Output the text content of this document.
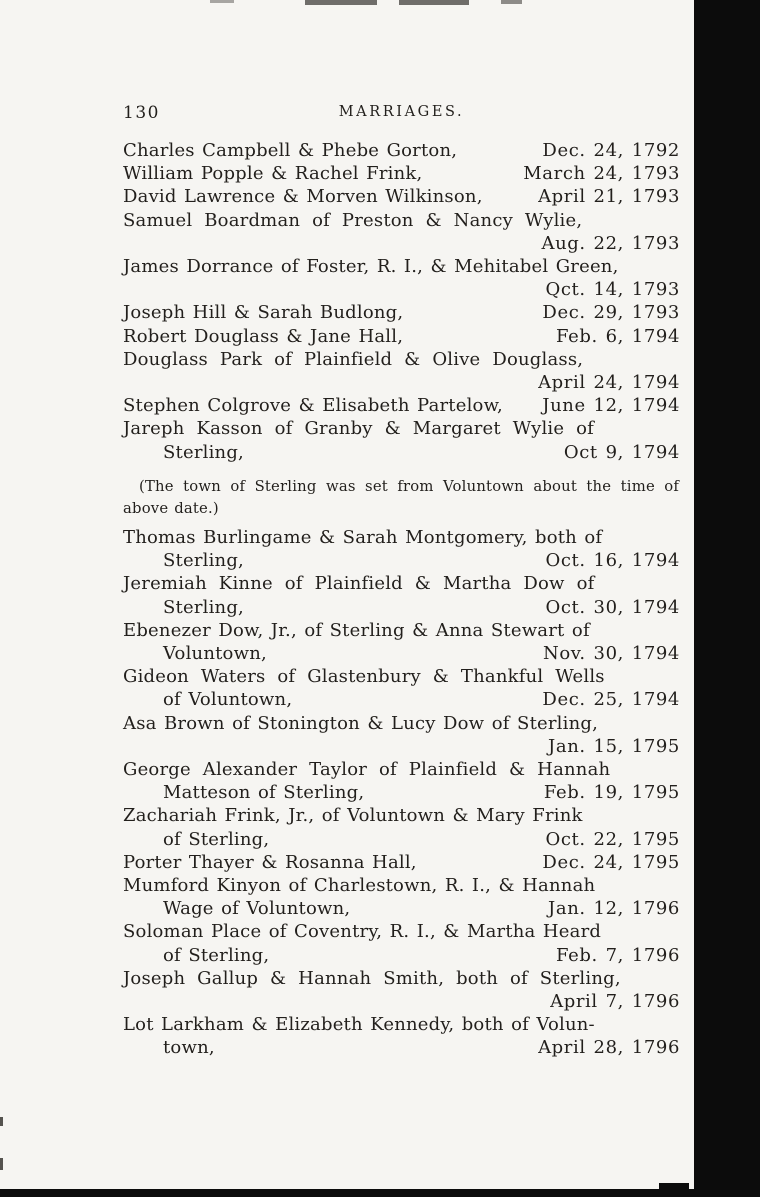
130	MARRIAGES.
Charles Campbell & Phebe Gorton,	Dec. 24, 1792
William Popple & Rachel Frink,	March 24, 1793
David Lawrence & Morven Wilkinson,	April 21, 1793
Samuel Boardman of Preston & Nancy Wylie,
Aug. 22, 1793
James Dorrance of Foster, R. I., & Mehitabel Green,
Qct. 14, 1793
Joseph Hill & Sarah Budlong,	Dec. 29, 1793
Robert Douglass & Jane Hall,	Feb. 6, 1794
Douglass Park of Plainfield & Olive Douglass,
April 24, 1794
Stephen Colgrove & Elisabeth Partelow, June 12, 1794
Jareph Kasson of Granby & Margaret Wylie of
Sterling,	Oct 9, 1794
(The town of Sterling was set from Voluntown about the time of
above date.)
Thomas Burlingame & Sarah Montgomery, both of
Sterling,	Oct. 16, 1794
Jeremiah Kinne of Plainfield & Martha Dow of
Sterling,	Oct. 30, 1794
Ebenezer Dow, Jr., of Sterling & Anna Stewart of
Voluntown,	Nov. 30, 1794
Gideon Waters of Glastenbury & Thankful Wells
of Voluntown,	Dec. 25, 1794
Asa Brown of Stonington & Lucy Dow of Sterling,
Jan. 15, 1795
George Alexander Taylor of Plainfield & Hannah
Matteson of Sterling,	Feb. 19, 1795
Zachariah Frink, Jr., of Voluntown & Mary Frink
of Sterling,	Oct. 22, 1795
Porter Thayer & Rosanna Hall,	Dec. 24, 1795
Mumford Kinyon of Charlestown, R. I., & Hannah
Wage of Voluntown,	Jan. 12, 1796
Soloman Place of Coventry, R. I., & Martha Heard
of Sterling,	Feb. 7, 1796
Joseph Gallup & Hannah Smith, both of Sterling,
April 7, 1796
Lot Larkham & Elizabeth Kennedy, both of Volun-
town,	April 28, 1796
